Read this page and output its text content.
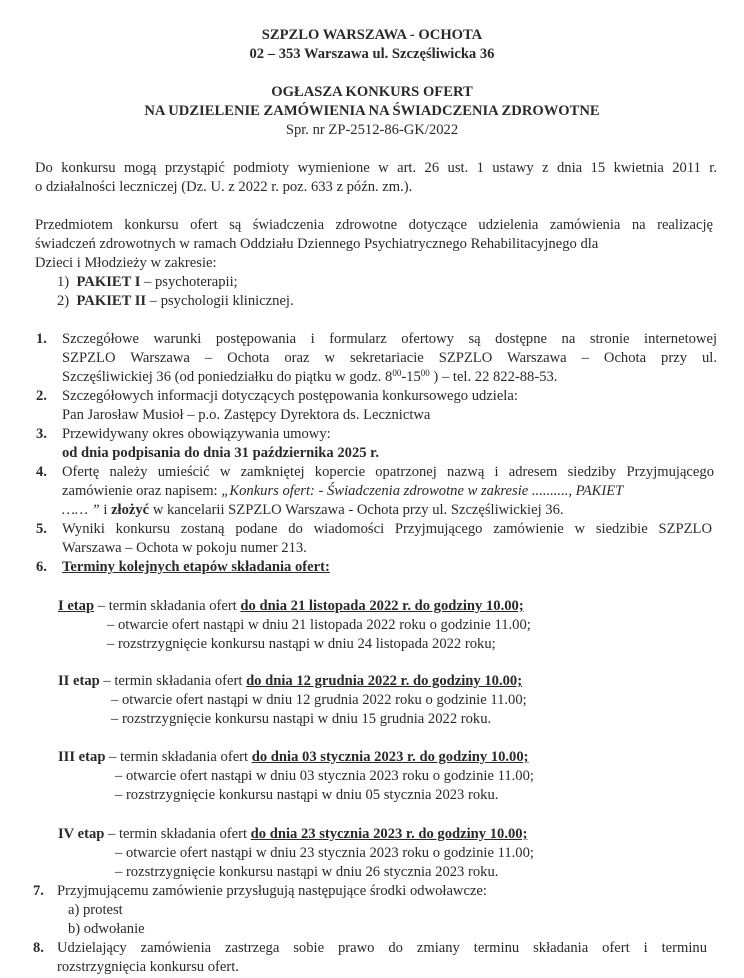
SZPZLO WARSZAWA - OCHOTA
02 – 353 Warszawa ul. Szczęśliwicka 36
OGŁASZA KONKURS OFERT
NA UDZIELENIE ZAMÓWIENIA NA ŚWIADCZENIA ZDROWOTNE
Spr. nr ZP-2512-86-GK/2022
Do konkursu mogą przystąpić podmioty wymienione w art. 26 ust. 1 ustawy z dnia 15 kwietnia 2011 r.
o działalności leczniczej (Dz. U. z 2022 r. poz. 633 z późn. zm.).
Przedmiotem konkursu ofert są świadczenia zdrowotne dotyczące udzielenia zamówienia na realizację
świadczeń zdrowotnych w ramach Oddziału Dziennego Psychiatrycznego Rehabilitacyjnego dla
Dzieci i Młodzieży w zakresie:
1) PAKIET I – psychoterapii;
2) PAKIET II – psychologii klinicznej.
1. Szczegółowe warunki postępowania i formularz ofertowy są dostępne na stronie internetowej
SZPZLO Warszawa – Ochota oraz w sekretariacie SZPZLO Warszawa – Ochota przy ul.
Szczęśliwickiej 36 (od poniedziałku do piątku w godz. $8^{00}-15^{00}$ ) – tel. 22 822-88-53.
2. Szczegółowych informacji dotyczących postępowania konkursowego udziela:
Pan Jarosław Musioł – p.o. Zastępcy Dyrektora ds. Lecznictwa
3. Przewidywany okres obowiązywania umowy:
od dnia podpisania do dnia 31 października 2025 r.
4. Ofertę należy umieścić w zamkniętej kopercie opatrzonej nazwą i adresem siedziby Przyjmującego
zamówienie oraz napisem: „Konkurs ofert: - Świadczenia zdrowotne w zakresie .........., PAKIET
…… ” i złożyć w kancelarii SZPZLO Warszawa - Ochota przy ul. Szczęśliwickiej 36.
5. Wyniki konkursu zostaną podane do wiadomości Przyjmującego zamówienie w siedzibie SZPZLO
Warszawa – Ochota w pokoju numer 213.
6. Terminy kolejnych etapów składania ofert:
I etap – termin składania ofert do dnia 21 listopada 2022 r. do godziny 10.00;
– otwarcie ofert nastąpi w dniu 21 listopada 2022 roku o godzinie 11.00;
– rozstrzygnięcie konkursu nastąpi w dniu 24 listopada 2022 roku;
II etap – termin składania ofert do dnia 12 grudnia 2022 r. do godziny 10.00;
– otwarcie ofert nastąpi w dniu 12 grudnia 2022 roku o godzinie 11.00;
– rozstrzygnięcie konkursu nastąpi w dniu 15 grudnia 2022 roku.
III etap – termin składania ofert do dnia 03 stycznia 2023 r. do godziny 10.00;
– otwarcie ofert nastąpi w dniu 03 stycznia 2023 roku o godzinie 11.00;
– rozstrzygnięcie konkursu nastąpi w dniu 05 stycznia 2023 roku.
IV etap – termin składania ofert do dnia 23 stycznia 2023 r. do godziny 10.00;
– otwarcie ofert nastąpi w dniu 23 stycznia 2023 roku o godzinie 11.00;
– rozstrzygnięcie konkursu nastąpi w dniu 26 stycznia 2023 roku.
7. Przyjmującemu zamówienie przysługują następujące środki odwoławcze:
a) protest
b) odwołanie
8. Udzielający zamówienia zastrzega sobie prawo do zmiany terminu składania ofert i terminu
rozstrzygnięcia konkursu ofert.
